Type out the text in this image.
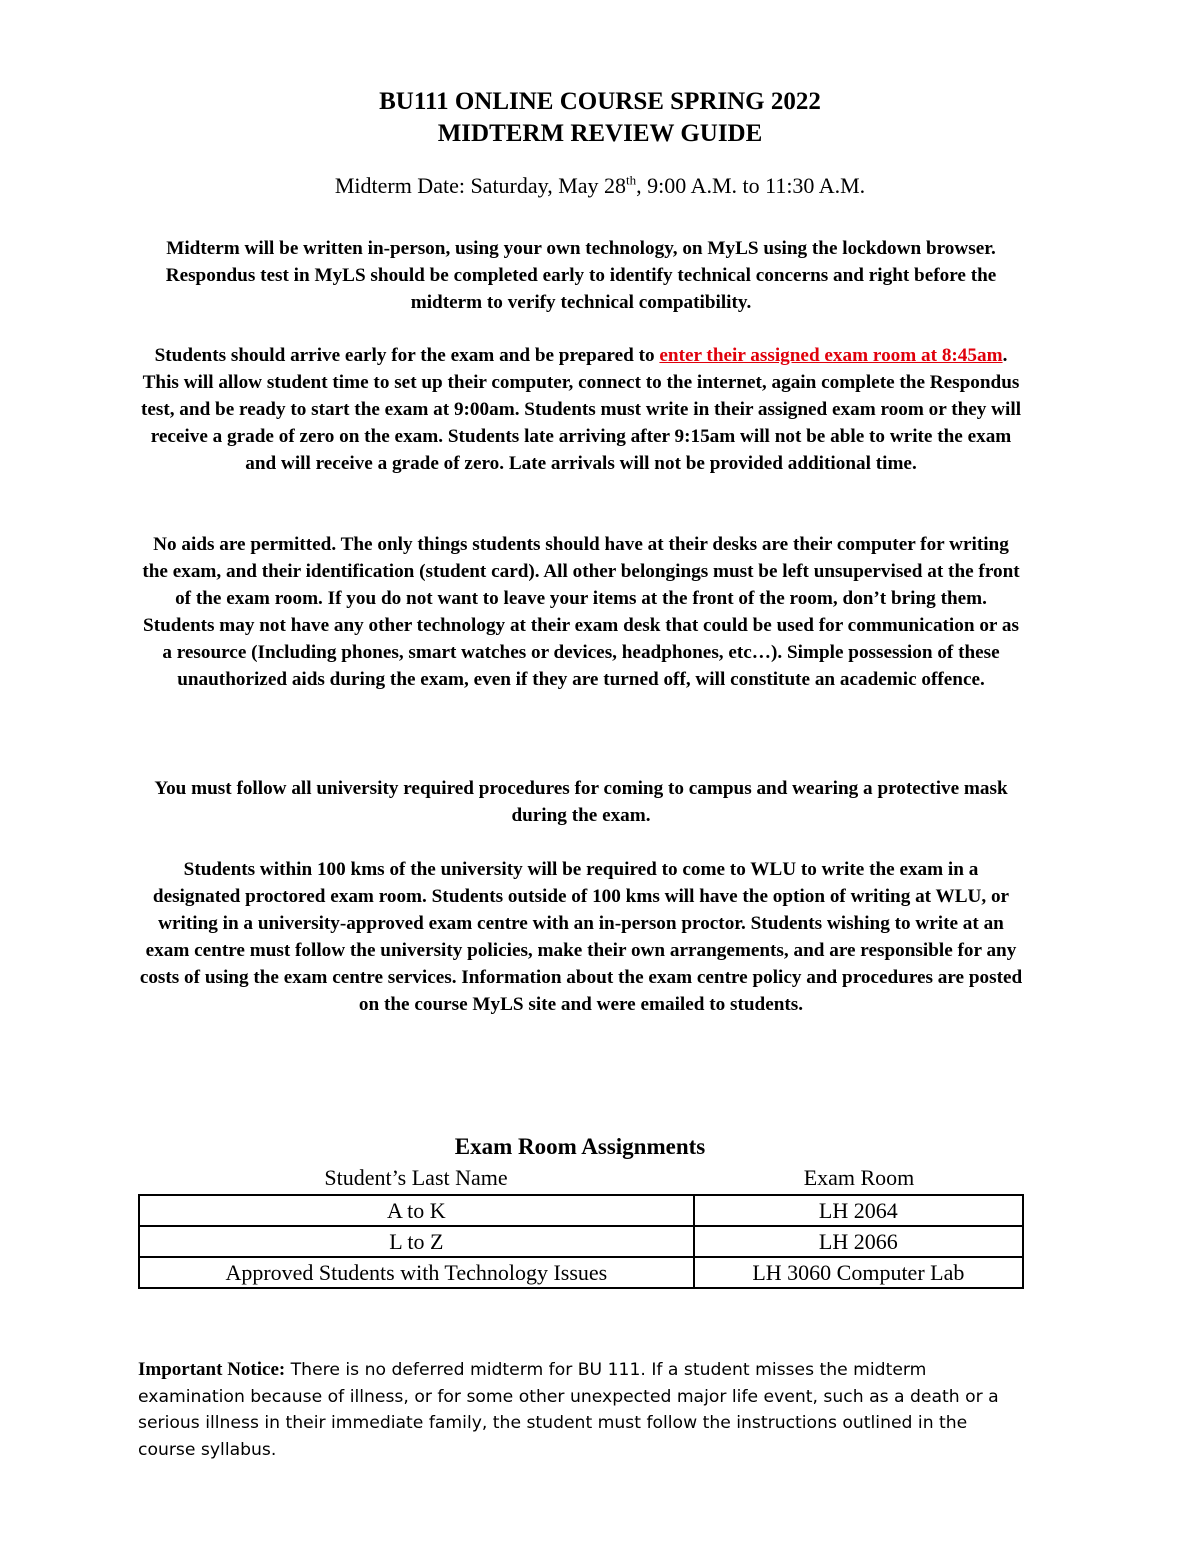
BU111 ONLINE COURSE SPRING 2022
MIDTERM REVIEW GUIDE
Midterm Date: Saturday, May 28th, 9:00 A.M. to 11:30 A.M.
Midterm will be written in-person, using your own technology, on MyLS using the lockdown browser. Respondus test in MyLS should be completed early to identify technical concerns and right before the midterm to verify technical compatibility.
Students should arrive early for the exam and be prepared to enter their assigned exam room at 8:45am. This will allow student time to set up their computer, connect to the internet, again complete the Respondus test, and be ready to start the exam at 9:00am. Students must write in their assigned exam room or they will receive a grade of zero on the exam. Students late arriving after 9:15am will not be able to write the exam and will receive a grade of zero. Late arrivals will not be provided additional time.
No aids are permitted. The only things students should have at their desks are their computer for writing the exam, and their identification (student card). All other belongings must be left unsupervised at the front of the exam room. If you do not want to leave your items at the front of the room, don’t bring them. Students may not have any other technology at their exam desk that could be used for communication or as a resource (Including phones, smart watches or devices, headphones, etc…). Simple possession of these unauthorized aids during the exam, even if they are turned off, will constitute an academic offence.
You must follow all university required procedures for coming to campus and wearing a protective mask during the exam.
Students within 100 kms of the university will be required to come to WLU to write the exam in a designated proctored exam room. Students outside of 100 kms will have the option of writing at WLU, or writing in a university-approved exam centre with an in-person proctor. Students wishing to write at an exam centre must follow the university policies, make their own arrangements, and are responsible for any costs of using the exam centre services. Information about the exam centre policy and procedures are posted on the course MyLS site and were emailed to students.
Exam Room Assignments
Student’s Last Name	Exam Room
A to K	LH 2064
L to Z	LH 2066
Approved Students with Technology Issues	LH 3060 Computer Lab
Important Notice: There is no deferred midterm for BU 111. If a student misses the midterm examination because of illness, or for some other unexpected major life event, such as a death or a serious illness in their immediate family, the student must follow the instructions outlined in the course syllabus.
